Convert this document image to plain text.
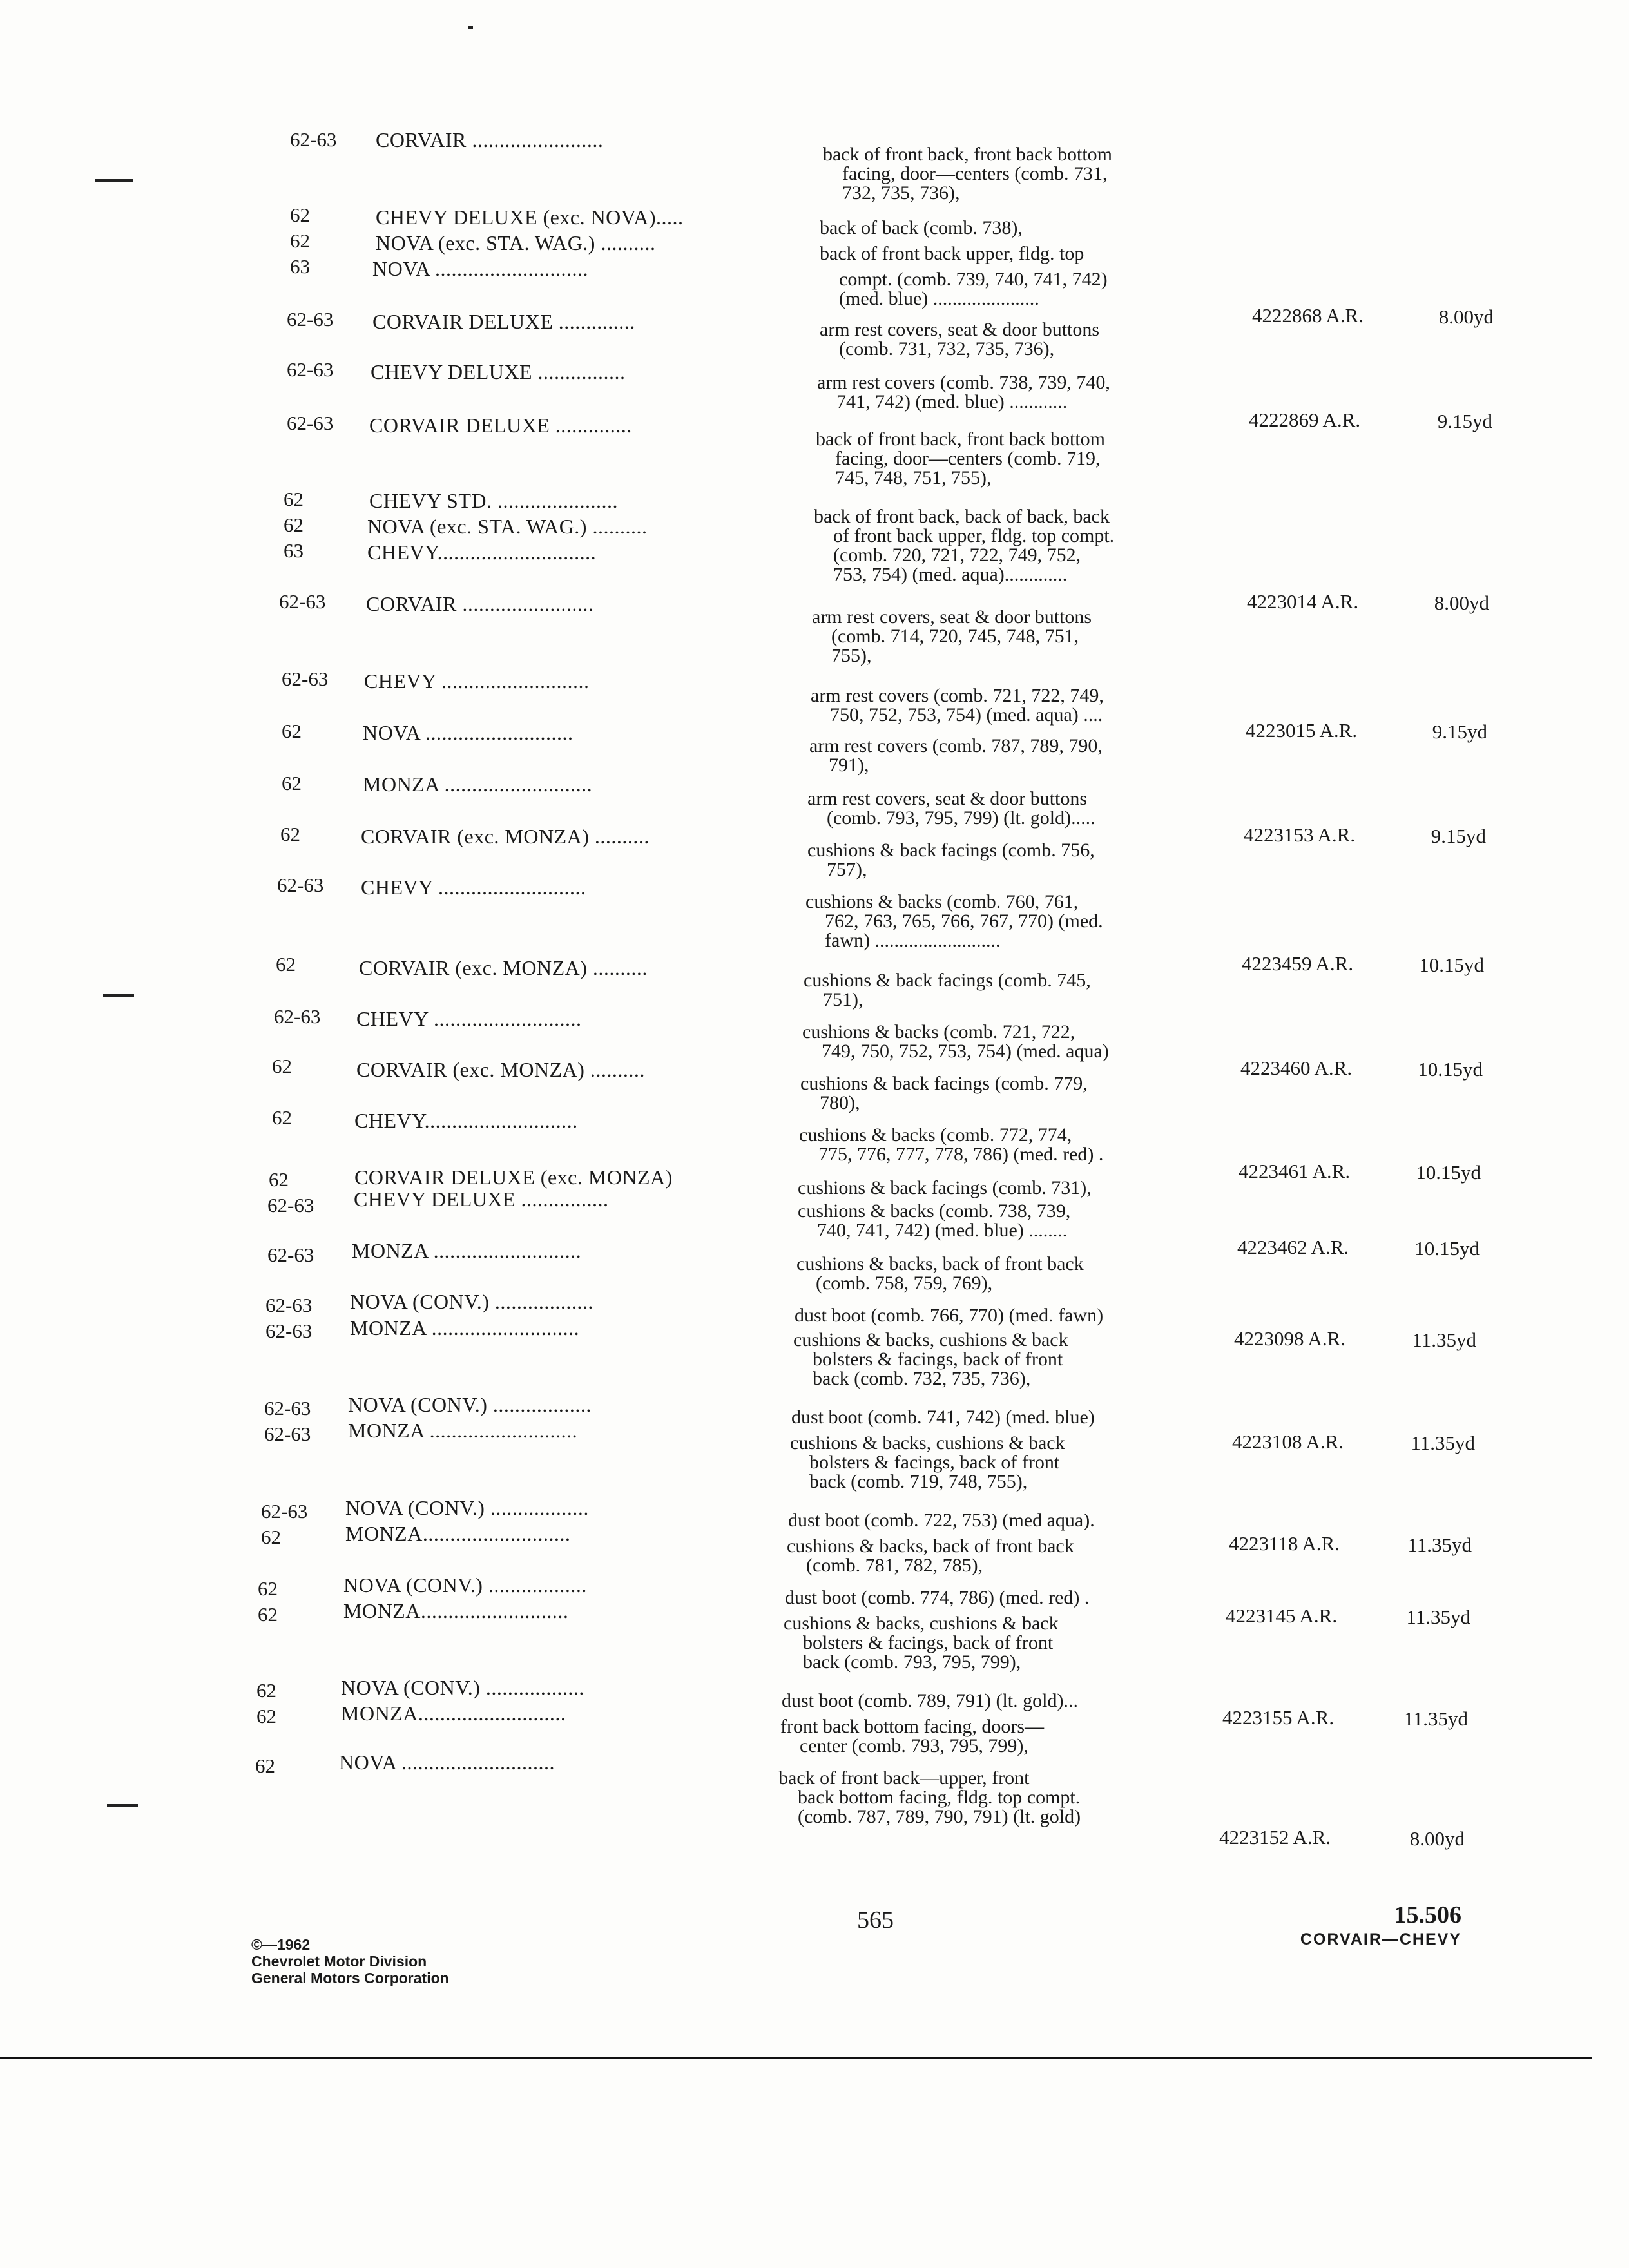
62-63
62
62
63
62-63
62-63
62-63
62
62
63
62-63
62-63
62
62
62
62-63
62
62-63
62
62
62
62-63
62-63
62-63
62-63
62-63
62-63
62-63
62
62
62
62
62
62
CORVAIR ........................
CHEVY DELUXE (exc. NOVA).....
NOVA (exc. STA. WAG.) ..........
NOVA ............................
CORVAIR DELUXE ..............
CHEVY DELUXE ................
CORVAIR DELUXE ..............
CHEVY STD. ......................
NOVA (exc. STA. WAG.) ..........
CHEVY.............................
CORVAIR ........................
CHEVY ...........................
NOVA ...........................
MONZA ...........................
CORVAIR (exc. MONZA) ..........
CHEVY ...........................
CORVAIR (exc. MONZA) ..........
CHEVY ...........................
CORVAIR (exc. MONZA) ..........
CHEVY............................
CORVAIR DELUXE (exc. MONZA)
CHEVY DELUXE ................
MONZA ...........................
NOVA (CONV.) ..................
MONZA ...........................
NOVA (CONV.) ..................
MONZA ...........................
NOVA (CONV.) ..................
MONZA...........................
NOVA (CONV.) ..................
MONZA...........................
NOVA (CONV.) ..................
MONZA...........................
NOVA ............................
back of front back, front back bottom
facing, door—centers (comb. 731,
732, 735, 736),
back of back (comb. 738),
back of front back upper, fldg. top
compt. (comb. 739, 740, 741, 742)
(med. blue) ......................
arm rest covers, seat & door buttons
(comb. 731, 732, 735, 736),
arm rest covers (comb. 738, 739, 740,
741, 742) (med. blue) ............
back of front back, front back bottom
facing, door—centers (comb. 719,
745, 748, 751, 755),
back of front back, back of back, back
of front back upper, fldg. top compt.
(comb. 720, 721, 722, 749, 752,
753, 754) (med. aqua).............
arm rest covers, seat & door buttons
(comb. 714, 720, 745, 748, 751,
755),
arm rest covers (comb. 721, 722, 749,
750, 752, 753, 754) (med. aqua) ....
arm rest covers (comb. 787, 789, 790,
791),
arm rest covers, seat & door buttons
(comb. 793, 795, 799) (lt. gold).....
cushions & back facings (comb. 756,
757),
cushions & backs (comb. 760, 761,
762, 763, 765, 766, 767, 770) (med.
fawn) ..........................
cushions & back facings (comb. 745,
751),
cushions & backs (comb. 721, 722,
749, 750, 752, 753, 754) (med. aqua)
cushions & back facings (comb. 779,
780),
cushions & backs (comb. 772, 774,
775, 776, 777, 778, 786) (med. red) .
cushions & back facings (comb. 731),
cushions & backs (comb. 738, 739,
740, 741, 742) (med. blue) ........
cushions & backs, back of front back
(comb. 758, 759, 769),
dust boot (comb. 766, 770) (med. fawn)
cushions & backs, cushions & back
bolsters & facings, back of front
back (comb. 732, 735, 736),
dust boot (comb. 741, 742) (med. blue)
cushions & backs, cushions & back
bolsters & facings, back of front
back (comb. 719, 748, 755),
dust boot (comb. 722, 753) (med aqua).
cushions & backs, back of front back
(comb. 781, 782, 785),
dust boot (comb. 774, 786) (med. red) .
cushions & backs, cushions & back
bolsters & facings, back of front
back (comb. 793, 795, 799),
dust boot (comb. 789, 791) (lt. gold)...
front back bottom facing, doors—
center (comb. 793, 795, 799),
back of front back—upper, front
back bottom facing, fldg. top compt.
(comb. 787, 789, 790, 791) (lt. gold)
4222868 A.R.
4222869 A.R.
4223014 A.R.
4223015 A.R.
4223153 A.R.
4223459 A.R.
4223460 A.R.
4223461 A.R.
4223462 A.R.
4223098 A.R.
4223108 A.R.
4223118 A.R.
4223145 A.R.
4223155 A.R.
4223152 A.R.
8.00yd
9.15yd
8.00yd
9.15yd
9.15yd
10.15yd
10.15yd
10.15yd
10.15yd
11.35yd
11.35yd
11.35yd
11.35yd
11.35yd
8.00yd
©—1962
Chevrolet Motor Division
General Motors Corporation
565	15.506
CORVAIR—CHEVY
